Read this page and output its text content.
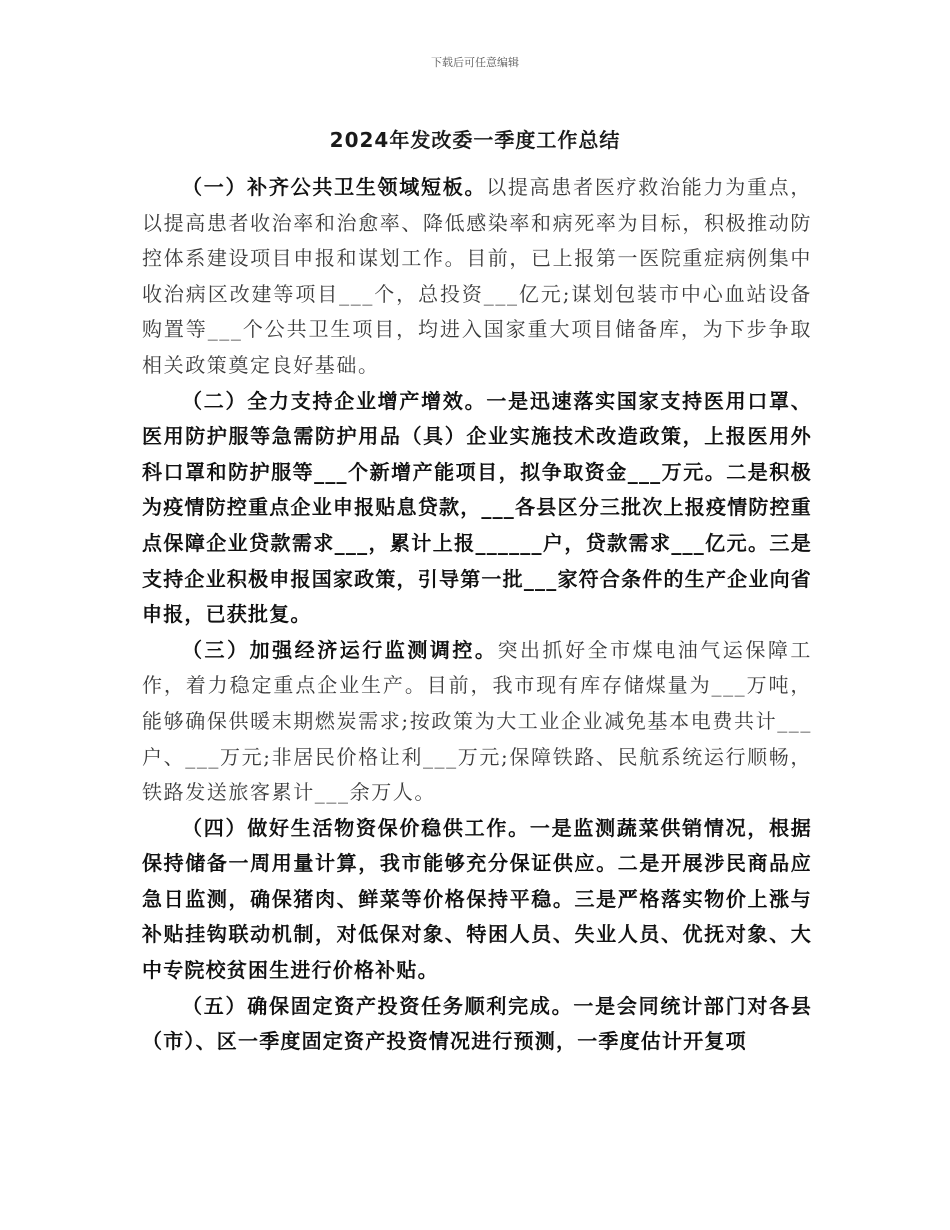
下载后可任意编辑
2024年发改委一季度工作总结

（一）补齐公共卫生领域短板。以提高患者医疗救治能力为重点，以提高患者收治率和治愈率、降低感染率和病死率为目标，积极推动防控体系建设项目申报和谋划工作。目前，已上报第一医院重症病例集中收治病区改建等项目___个，总投资___亿元;谋划包装市中心血站设备购置等___个公共卫生项目，均进入国家重大项目储备库，为下步争取相关政策奠定良好基础。

（二）全力支持企业增产增效。一是迅速落实国家支持医用口罩、医用防护服等急需防护用品（具）企业实施技术改造政策，上报医用外科口罩和防护服等___个新增产能项目，拟争取资金___万元。二是积极为疫情防控重点企业申报贴息贷款，___各县区分三批次上报疫情防控重点保障企业贷款需求___，累计上报______户，贷款需求___亿元。三是支持企业积极申报国家政策，引导第一批___家符合条件的生产企业向省申报，已获批复。

（三）加强经济运行监测调控。突出抓好全市煤电油气运保障工作，着力稳定重点企业生产。目前，我市现有库存储煤量为___万吨，能够确保供暖末期燃炭需求;按政策为大工业企业减免基本电费共计___户、___万元;非居民价格让利___万元;保障铁路、民航系统运行顺畅，铁路发送旅客累计___余万人。

（四）做好生活物资保价稳供工作。一是监测蔬菜供销情况，根据保持储备一周用量计算，我市能够充分保证供应。二是开展涉民商品应急日监测，确保猪肉、鲜菜等价格保持平稳。三是严格落实物价上涨与补贴挂钩联动机制，对低保对象、特困人员、失业人员、优抚对象、大中专院校贫困生进行价格补贴。

（五）确保固定资产投资任务顺利完成。一是会同统计部门对各县（市）、区一季度固定资产投资情况进行预测，一季度估计开复项
